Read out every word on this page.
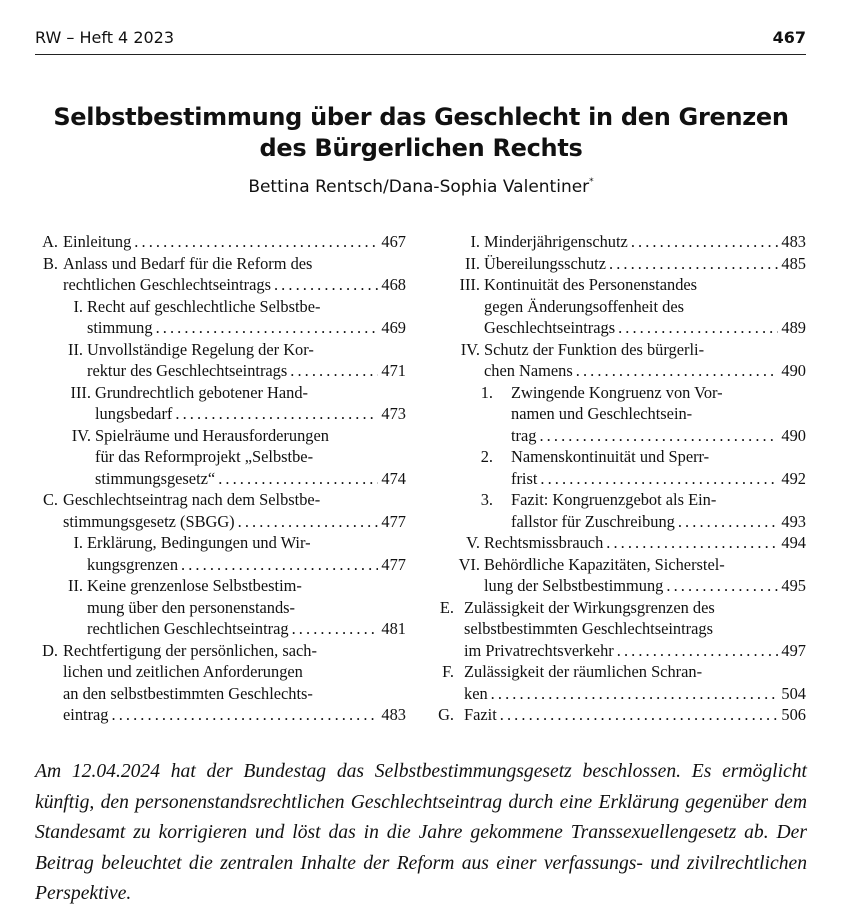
RW – Heft 4 2023	467
Selbstbestimmung über das Geschlecht in den Grenzen des Bürgerlichen Rechts
Bettina Rentsch/Dana-Sophia Valentiner*
A. Einleitung . . .	467
B. Anlass und Bedarf für die Reform des
rechtlichen Geschlechtseintrags . . .	468
I. Recht auf geschlechtliche Selbstbe-
stimmung . . .	469
II. Unvollständige Regelung der Kor-
rektur des Geschlechtseintrags . . .	471
III. Grundrechtlich gebotener Hand-
lungsbedarf . . .	473
IV. Spielräume und Herausforderungen
für das Reformprojekt „Selbstbe-
stimmungsgesetz“ . . .	474
C. Geschlechtseintrag nach dem Selbstbe-
stimmungsgesetz (SBGG) . . .	477
I. Erklärung, Bedingungen und Wir-
kungsgrenzen . . .	477
II. Keine grenzenlose Selbstbestim-
mung über den personenstands-
rechtlichen Geschlechtseintrag . . .	481
D. Rechtfertigung der persönlichen, sach-
lichen und zeitlichen Anforderungen
an den selbstbestimmten Geschlechts-
eintrag . . .	483
I. Minderjährigenschutz . . .	483
II. Übereilungsschutz . . .	485
III. Kontinuität des Personenstandes
gegen Änderungsoffenheit des
Geschlechtseintrags . . .	489
IV. Schutz der Funktion des bürgerli-
chen Namens . . .	490
1. Zwingende Kongruenz von Vor-
namen und Geschlechtsein-
trag . . .	490
2. Namenskontinuität und Sperr-
frist . . .	492
3. Fazit: Kongruenzgebot als Ein-
fallstor für Zuschreibung . . .	493
V. Rechtsmissbrauch . . .	494
VI. Behördliche Kapazitäten, Sicherstel-
lung der Selbstbestimmung . . .	495
E. Zulässigkeit der Wirkungsgrenzen des
selbstbestimmten Geschlechtseintrags
im Privatrechtsverkehr . . .	497
F. Zulässigkeit der räumlichen Schran-
ken . . .	504
G. Fazit . . .	506
Am 12.04.2024 hat der Bundestag das Selbstbestimmungsgesetz beschlossen. Es ermöglicht künftig, den personenstandsrechtlichen Geschlechtseintrag durch eine Erklärung gegenüber dem Standesamt zu korrigieren und löst das in die Jahre gekommene Transsexuellengesetz ab. Der Beitrag beleuchtet die zentralen Inhalte der Reform aus einer verfassungs- und zivilrechtlichen Perspektive.
